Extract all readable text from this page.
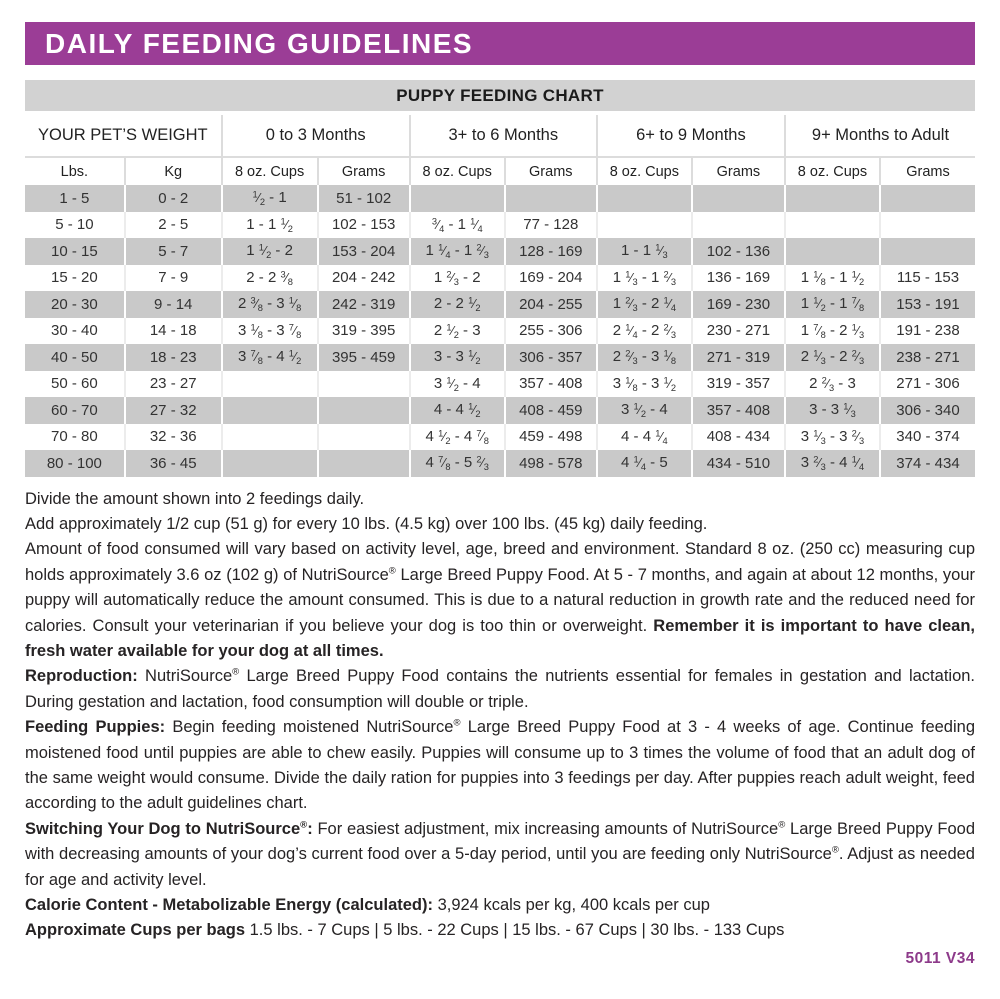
DAILY FEEDING GUIDELINES
PUPPY FEEDING CHART
YOUR PET’S WEIGHT		0 to 3 Months		3+ to 6 Months		6+ to 9 Months		9+ Months to Adult	
Lbs.	Kg	8 oz. Cups	Grams	8 oz. Cups	Grams	8 oz. Cups	Grams	8 oz. Cups	Grams
1 - 5	0 - 2	$^1$⁄2 - 1	51 - 102						
5 - 10	2 - 5	1 - 1 $^1$⁄2	102 - 153	$^3$⁄4 - 1 $^1$⁄4	77 - 128				
10 - 15	5 - 7	1 $^1$⁄2 - 2	153 - 204	1 $^1$⁄4 - 1 $^2$⁄3	128 - 169	1 - 1 $^1$⁄3	102 - 136		
15 - 20	7 - 9	2 - 2 $^3$⁄8	204 - 242	1 $^2$⁄3 - 2	169 - 204	1 $^1$⁄3 - 1 $^2$⁄3	136 - 169	1 $^1$⁄8 - 1 $^1$⁄2	115 - 153
20 - 30	9 - 14	2 $^3$⁄8 - 3 $^1$⁄8	242 - 319	2 - 2 $^1$⁄2	204 - 255	1 $^2$⁄3 - 2 $^1$⁄4	169 - 230	1 $^1$⁄2 - 1 $^7$⁄8	153 - 191
30 - 40	14 - 18	3 $^1$⁄8 - 3 $^7$⁄8	319 - 395	2 $^1$⁄2 - 3	255 - 306	2 $^1$⁄4 - 2 $^2$⁄3	230 - 271	1 $^7$⁄8 - 2 $^1$⁄3	191 - 238
40 - 50	18 - 23	3 $^7$⁄8 - 4 $^1$⁄2	395 - 459	3 - 3 $^1$⁄2	306 - 357	2 $^2$⁄3 - 3 $^1$⁄8	271 - 319	2 $^1$⁄3 - 2 $^2$⁄3	238 - 271
50 - 60	23 - 27			3 $^1$⁄2 - 4	357 - 408	3 $^1$⁄8 - 3 $^1$⁄2	319 - 357	2 $^2$⁄3 - 3	271 - 306
60 - 70	27 - 32			4 - 4 $^1$⁄2	408 - 459	3 $^1$⁄2 - 4	357 - 408	3 - 3 $^1$⁄3	306 - 340
70 - 80	32 - 36			4 $^1$⁄2 - 4 $^7$⁄8	459 - 498	4 - 4 $^1$⁄4	408 - 434	3 $^1$⁄3 - 3 $^2$⁄3	340 - 374
80 - 100	36 - 45			4 $^7$⁄8 - 5 $^2$⁄3	498 - 578	4 $^1$⁄4 - 5	434 - 510	3 $^2$⁄3 - 4 $^1$⁄4	374 - 434

Divide the amount shown into 2 feedings daily.

Add approximately 1/2 cup (51 g) for every 10 lbs. (4.5 kg) over 100 lbs. (45 kg) daily feeding.

Amount of food consumed will vary based on activity level, age, breed and environment. Standard 8 oz. (250 cc) measuring cup holds approximately 3.6 oz (102 g) of NutriSource® Large Breed Puppy Food. At 5 - 7 months, and again at about 12 months, your puppy will automatically reduce the amount consumed. This is due to a natural reduction in growth rate and the reduced need for calories. Consult your veterinarian if you believe your dog is too thin or overweight. Remember it is important to have clean, fresh water available for your dog at all times.

Reproduction: NutriSource® Large Breed Puppy Food contains the nutrients essential for females in gestation and lactation. During gestation and lactation, food consumption will double or triple.

Feeding Puppies: Begin feeding moistened NutriSource® Large Breed Puppy Food at 3 - 4 weeks of age. Continue feeding moistened food until puppies are able to chew easily. Puppies will consume up to 3 times the volume of food that an adult dog of the same weight would consume. Divide the daily ration for puppies into 3 feedings per day. After puppies reach adult weight, feed according to the adult guidelines chart.

Switching Your Dog to NutriSource®: For easiest adjustment, mix increasing amounts of NutriSource® Large Breed Puppy Food with decreasing amounts of your dog’s current food over a 5-day period, until you are feeding only NutriSource®. Adjust as needed for age and activity level.

Calorie Content - Metabolizable Energy (calculated): 3,924 kcals per kg, 400 kcals per cup

Approximate Cups per bags 1.5 lbs. - 7 Cups | 5 lbs. - 22 Cups | 15 lbs. - 67 Cups | 30 lbs. - 133 Cups

5011 V34
